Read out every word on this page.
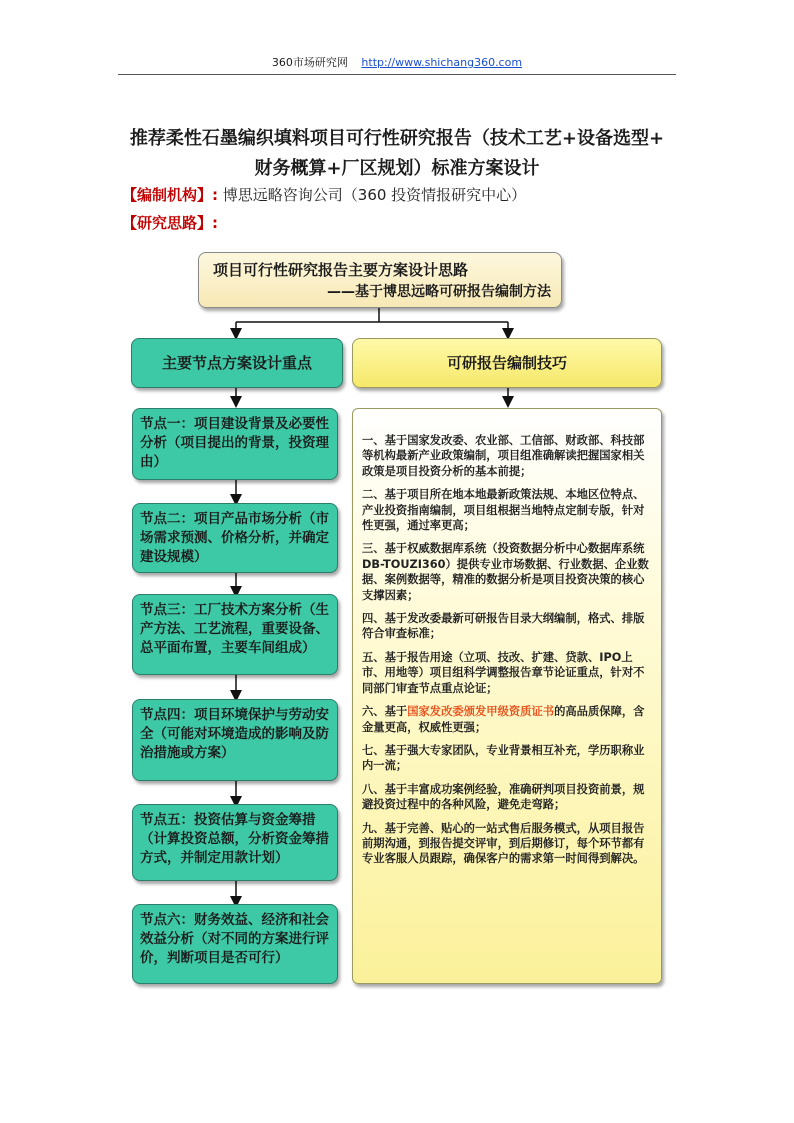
360市场研究网 http://www.shichang360.com
推荐柔性石墨编织填料项目可行性研究报告（技术工艺+设备选型+
财务概算+厂区规划）标准方案设计
【编制机构】: 博思远略咨询公司（360 投资情报研究中心）
【研究思路】:
项目可行性研究报告主要方案设计思路
——基于博思远略可研报告编制方法
主要节点方案设计重点	可研报告编制技巧
节点一：项目建设背景及必要性分析（项目提出的背景，投资理由）
节点二：项目产品市场分析（市场需求预测、价格分析，并确定建设规模）
节点三：工厂技术方案分析（生产方法、工艺流程，重要设备、总平面布置，主要车间组成）
节点四：项目环境保护与劳动安全（可能对环境造成的影响及防治措施或方案）
节点五：投资估算与资金筹措（计算投资总额，分析资金筹措方式，并制定用款计划）
节点六：财务效益、经济和社会效益分析（对不同的方案进行评价，判断项目是否可行）

一、基于国家发改委、农业部、工信部、财政部、科技部等机构最新产业政策编制，项目组准确解读把握国家相关政策是项目投资分析的基本前提；

二、基于项目所在地本地最新政策法规、本地区位特点、产业投资指南编制，项目组根据当地特点定制专版，针对性更强，通过率更高；

三、基于权威数据库系统（投资数据分析中心数据库系统DB-TOUZI360）提供专业市场数据、行业数据、企业数据、案例数据等，精准的数据分析是项目投资决策的核心支撑因素；

四、基于发改委最新可研报告目录大纲编制，格式、排版符合审查标准；

五、基于报告用途（立项、技改、扩建、贷款、IPO上市、用地等）项目组科学调整报告章节论证重点，针对不同部门审查节点重点论证；

六、基于国家发改委颁发甲级资质证书的高品质保障，含金量更高，权威性更强；

七、基于强大专家团队，专业背景相互补充，学历职称业内一流；

八、基于丰富成功案例经验，准确研判项目投资前景，规避投资过程中的各种风险，避免走弯路；

九、基于完善、贴心的一站式售后服务模式，从项目报告前期沟通，到报告提交评审，到后期修订，每个环节都有专业客服人员跟踪，确保客户的需求第一时间得到解决。
